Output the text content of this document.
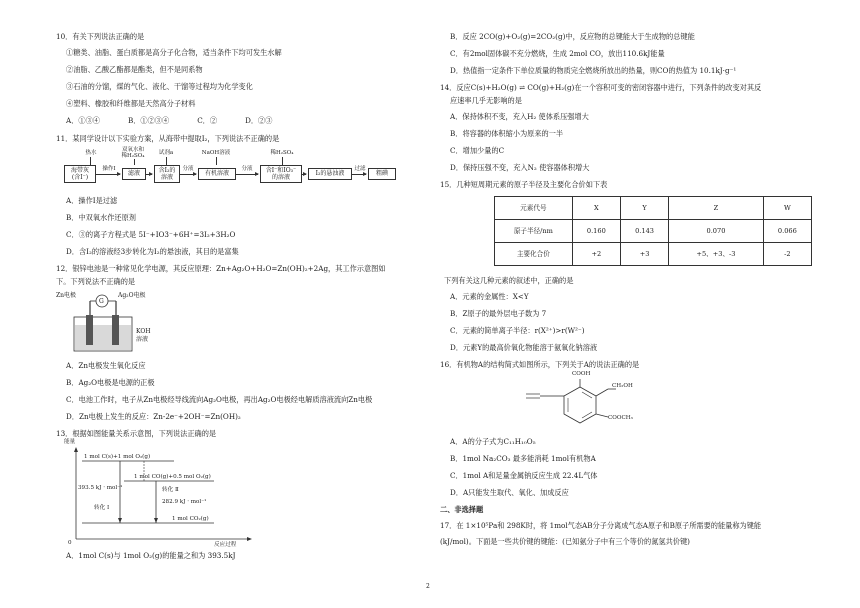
10．有关下列说法正确的是
①糖类、油脂、蛋白质都是高分子化合物，适当条件下均可发生水解
②油脂、乙酸乙酯都是酯类，但不是同系物
③石油的分馏，煤的气化、液化、干馏等过程均为化学变化
④塑料、橡胶和纤维都是天然高分子材料
A．①③④	B．①②③④	C．②	D．②③
11．某同学设计以下实验方案，从海带中提取I₂，下列说法不正确的是
热水	双氧水和
稀H₂SO₄	试剂a	NaOH溶液	稀H₂SO₄
海带灰
(含I⁻)
滤液	含I₂的
溶液
有机溶液	含I⁻和IO₃⁻
的溶液
I₂的悬浊液	粗碘
操作I	分液	分液	过滤
A．操作I是过滤
B．中双氧水作还原剂
C．③的离子方程式是 5I⁻+IO3⁻+6H⁺=3I₂+3H₂O
D．含I₂的溶液经3步转化为I₂的悬浊液，其目的是富集
12．银锌电池是一种常见化学电源，其反应原理：Zn+Ag₂O+H₂O=Zn(OH)₂+2Ag，其工作示意图如
下。下列说法不正确的是
Zn电极
G
Ag₂O电极
KOH
溶液
A．Zn电极发生氧化反应
B．Ag₂O电极是电源的正极
C．电池工作时，电子从Zn电极经导线流向Ag₂O电极，再出Ag₂O电极经电解质溶液流向Zn电极
D．Zn电极上发生的反应：Zn-2e⁻+2OH⁻=Zn(OH)₂
13．根据如图能量关系示意图，下列说法正确的是
能量
反应过程
0
1 mol C(s)+1 mol O₂(g)
1 mol CO(g)+0.5 mol O₂(g)
1 mol CO₂(g)
393.5 kJ · mol⁻¹
282.9 kJ · mol⁻¹
转化 Ⅰ
转化 Ⅱ
A．1mol C(s)与 1mol O₂(g)的能量之和为 393.5kJ
B．反应 2CO(g)+O₂(g)=2CO₂(g)中，反应物的总键能大于生成物的总键能
C．有2mol固体碳不充分燃烧，生成 2mol CO，放出110.6kJ能量
D．热值指一定条件下单位质量的物质完全燃烧所放出的热量，则CO的热值为 10.1kJ·g⁻¹
14．反应C(s)+H₂O(g) ⇌ CO(g)+H₂(g)在一个容积可变的密闭容器中进行，下列条件的改变对其反
应速率几乎无影响的是
A．保持体积不变，充入H₂ 使体系压强增大
B．将容器的体积缩小为原来的一半
C．增加少量的C
D．保持压强不变，充入N₂ 使容器体积增大
15．几种短周期元素的原子半径及主要化合价如下表
元素代号	X	Y	Z	W
原子半径/nm	0.160	0.143	0.070	0.066
主要化合价	+2	+3	+5、+3、-3	-2
下列有关这几种元素的叙述中，正确的是
A．元素的金属性：X<Y
B．Z原子的最外层电子数为 7
C．元素的简单离子半径：r(X²⁺)>r(W²⁻)
D．元素Y的最高价氧化物能溶于氨氧化钠溶液
16．有机物A的结构简式如图所示，下列关于A的说法正确的是
COOH
CH₂OH
COOCH₃
A．A的分子式为C₁₁H₁₀O₅
B．1mol Na₂CO₃ 最多能消耗 1mol有机物A
C．1mol A和足量金属钠反应生成 22.4L气体
D．A只能发生取代、氧化、加成反应
二、非选择题
17．在 1×10⁵Pa和 298K时，将 1mol气态AB分子分离成气态A原子和B原子所需要的能量称为键能
(kJ/mol)。下面是一些共价键的键能：(已知氨分子中有三个等价的氮氢共价键)
2
